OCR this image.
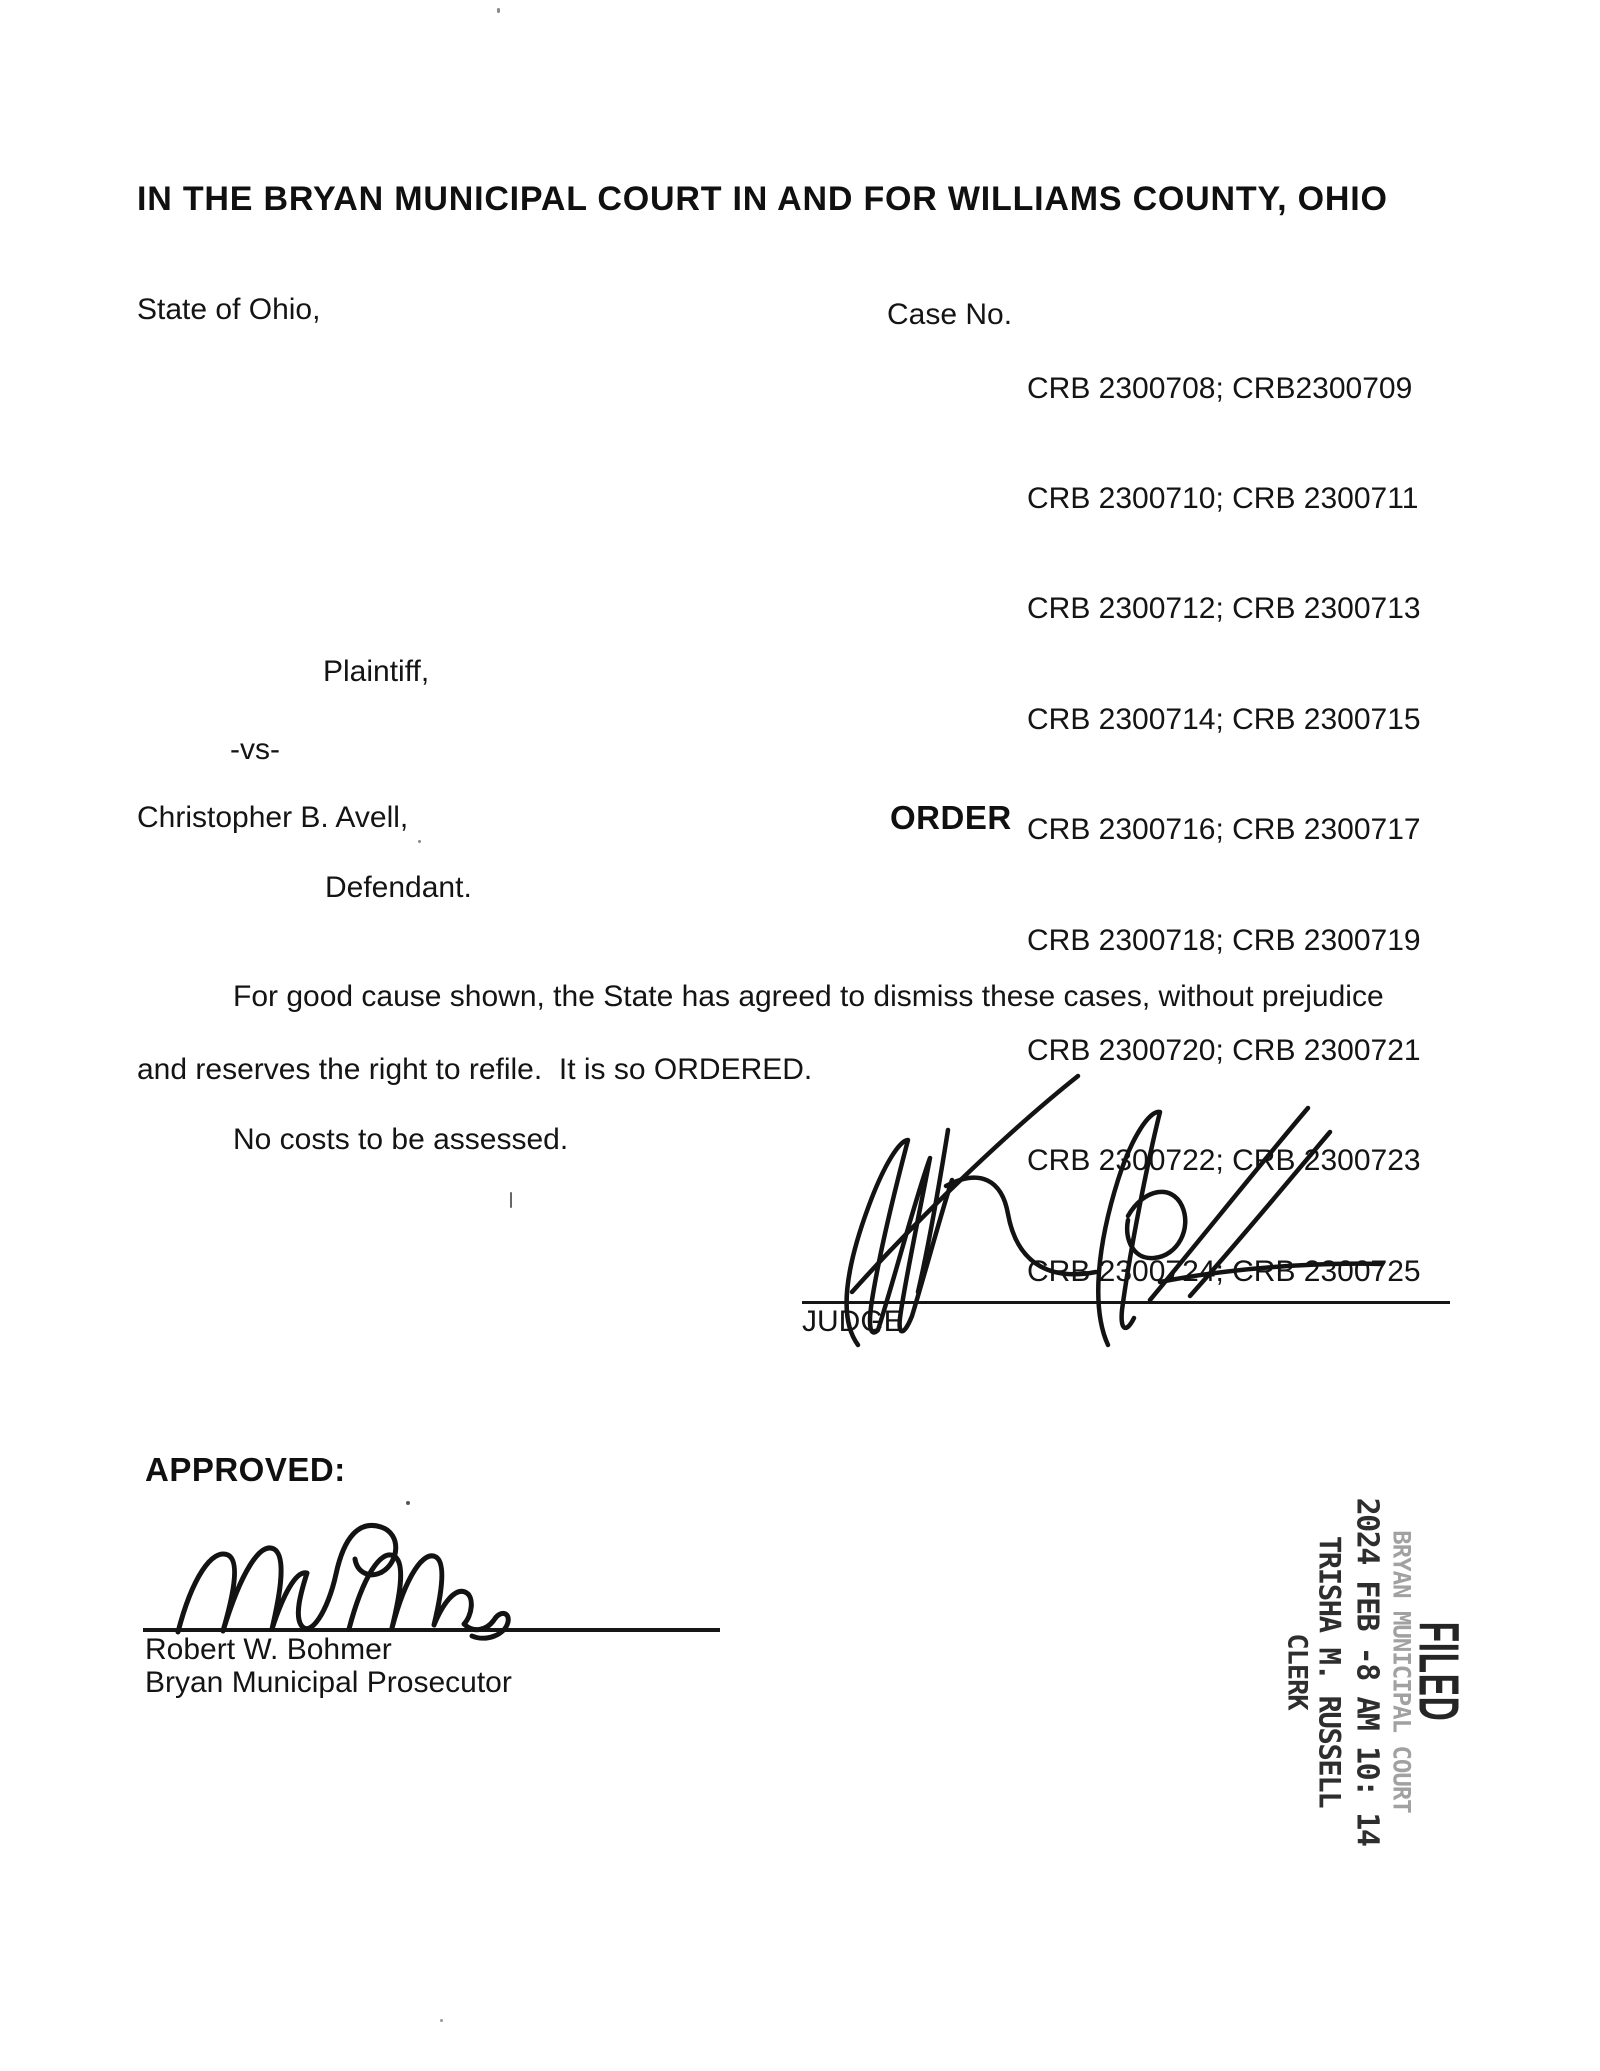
IN THE BRYAN MUNICIPAL COURT IN AND FOR WILLIAMS COUNTY, OHIO
State of Ohio,	Case No.

CRB 2300708; CRB2300709

CRB 2300710; CRB 2300711

CRB 2300712; CRB 2300713

CRB 2300714; CRB 2300715

CRB 2300716; CRB 2300717

CRB 2300718; CRB 2300719

CRB 2300720; CRB 2300721

CRB 2300722; CRB 2300723

CRB 2300724; CRB 2300725

Plaintiff,
-vs-
Christopher B. Avell,	ORDER
Defendant.
For good cause shown, the State has agreed to dismiss these cases, without prejudice
and reserves the right to refile.  It is so ORDERED.
No costs to be assessed.
JUDGE
APPROVED:
Robert W. Bohmer
Bryan Municipal Prosecutor	FILED
BRYAN MUNICIPAL COURT
2024 FEB -8 AM 10: 14
TRISHA M. RUSSELL
CLERK
